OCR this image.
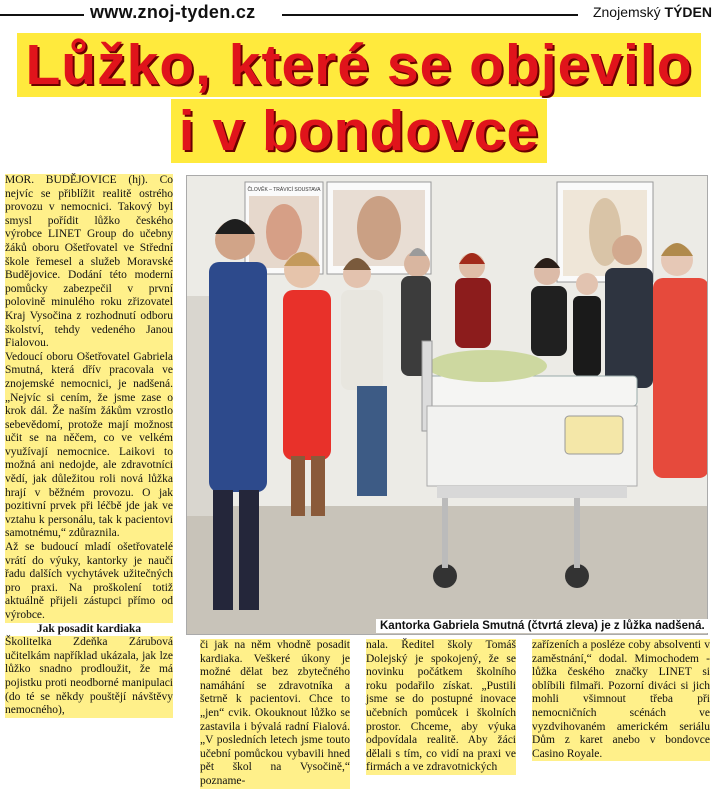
www.znoj-tyden.cz	Znojemský TÝDEN
Lůžko, které se objevilo
i v bondovce

MOR. BUDĚJOVICE (hj). Co nejvíc se přiblížit realitě ostrého provozu v nemocnici. Takový byl smysl pořídit lůžko českého výrobce LINET Group do učebny žáků oboru Ošetřovatel ve Střední škole řemesel a služeb Moravské Budějovice. Dodání této moderní pomůcky zabezpečil v první polovině minulého roku zřizovatel Kraj Vysočina z rozhodnutí odboru školství, tehdy vedeného Janou Fialovou.

Vedoucí oboru Ošetřovatel Gabriela Smutná, která dřív pracovala ve znojemské nemocnici, je nadšená. „Nejvíc si cením, že jsme zase o krok dál. Že naším žákům vzrostlo sebevědomí, protože mají možnost učit se na něčem, co ve velkém využívají nemocnice. Laikovi to možná ani nedojde, ale zdravotníci vědí, jak důležitou roli nová lůžka hrají v běžném provozu. O jak pozitivní prvek při léčbě jde jak ve vztahu k personálu, tak k pacientovi samotnému,“ zdůraznila.

Až se budoucí mladí ošetřovatelé vrátí do výuky, kantorky je naučí řadu dalších vychytávek užitečných pro praxi. Na proškolení totiž aktuálně přijeli zástupci přímo od výrobce.

Jak posadit kardiaka

Školitelka Zdeňka Zárubová učitelkám například ukázala, jak lze lůžko snadno prodloužit, že má pojistku proti neodborné manipulaci (do té se někdy pouštějí návštěvy nemocného),

ČLOVĚK – TRÁVICÍ SOUSTAVA
Kantorka Gabriela Smutná (čtvrtá zleva) je z lůžka nadšená.

či jak na něm vhodně posadit kardiaka. Veškeré úkony je možné dělat bez zbytečného namáhání se zdravotníka a šetrně k pacientovi. Chce to „jen“ cvik. Okouknout lůžko se zastavila i bývalá radní Fialová. „V posledních letech jsme touto učební pomůckou vybavili hned pět škol na Vysočině,“ pozname-

nala. Ředitel školy Tomáš Dolejský je spokojený, že se novinku počátkem školního roku podařilo získat. „Pustili jsme se do postupné inovace učebních pomůcek i školních prostor. Chceme, aby výuka odpovídala realitě. Aby žáci dělali s tím, co vidí na praxi ve firmách a ve zdravotnických

zařízeních a posléze coby absolventi v zaměstnání,“ dodal. Mimochodem - lůžka českého značky LINET si oblíbili filmaři. Pozorní diváci si jich mohli všimnout třeba při nemocničních scénách ve vyzdvihovaném americkém seriálu Dům z karet anebo v bondovce Casino Royale.
